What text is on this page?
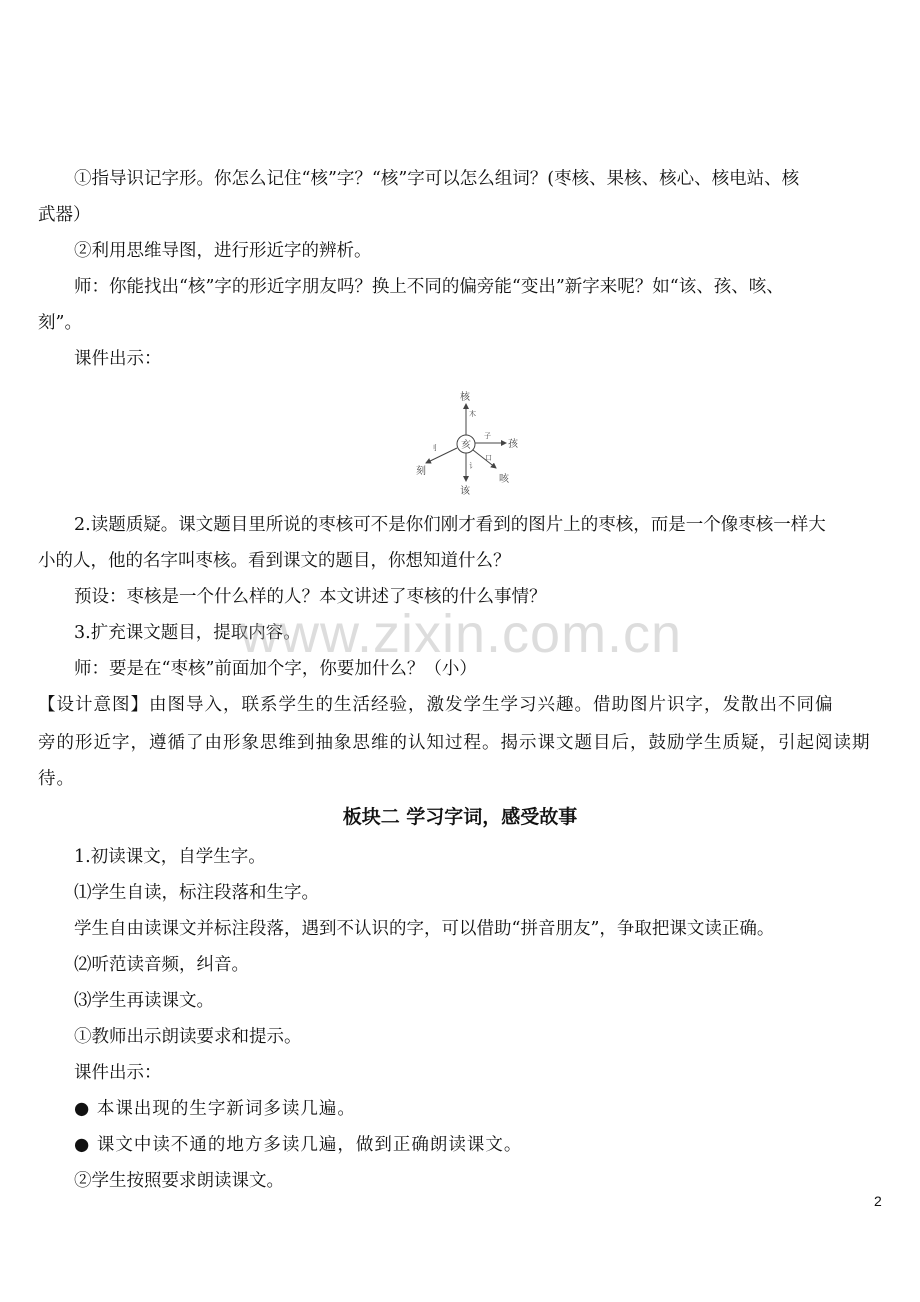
①指导识记字形。你怎么记住“核”字？“核”字可以怎么组词？(枣核、果核、核心、核电站、核
武器）
②利用思维导图，进行形近字的辨析。
师：你能找出“核”字的形近字朋友吗？换上不同的偏旁能“变出”新字来呢？如“该、孩、咳、
刻”。
课件出示：
亥
核
木
孩
子
刻
刂
该
讠
咳
口
2.读题质疑。课文题目里所说的枣核可不是你们刚才看到的图片上的枣核，而是一个像枣核一样大
小的人，他的名字叫枣核。看到课文的题目，你想知道什么？
预设：枣核是一个什么样的人？本文讲述了枣核的什么事情？
3.扩充课文题目，提取内容。
师：要是在“枣核”前面加个字，你要加什么？（小）
【设计意图】由图导入，联系学生的生活经验，激发学生学习兴趣。借助图片识字，发散出不同偏
旁的形近字，遵循了由形象思维到抽象思维的认知过程。揭示课文题目后，鼓励学生质疑，引起阅读期
待。
板块二 学习字词，感受故事
1.初读课文，自学生字。
⑴学生自读，标注段落和生字。
学生自由读课文并标注段落，遇到不认识的字，可以借助“拼音朋友”，争取把课文读正确。
⑵听范读音频，纠音。
⑶学生再读课文。
①教师出示朗读要求和提示。
课件出示：
● 本课出现的生字新词多读几遍。
● 课文中读不通的地方多读几遍，做到正确朗读课文。
②学生按照要求朗读课文。
www.zixin.com.cn
2
